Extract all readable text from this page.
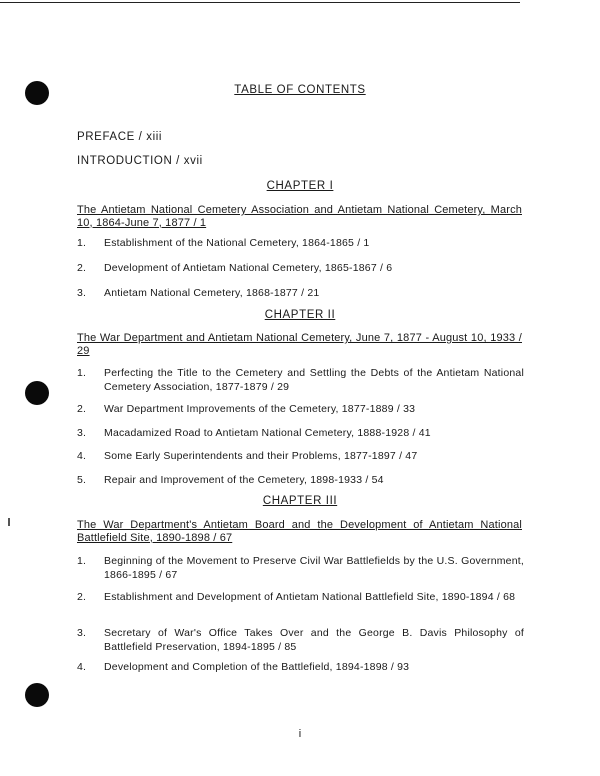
TABLE OF CONTENTS
PREFACE / xiii
INTRODUCTION / xvii
CHAPTER I
The Antietam National Cemetery Association and Antietam National Cemetery, March 10, 1864-June 7, 1877 / 1
1. Establishment of the National Cemetery, 1864-1865 / 1
2. Development of Antietam National Cemetery, 1865-1867 / 6
3. Antietam National Cemetery, 1868-1877 / 21
CHAPTER II
The War Department and Antietam National Cemetery, June 7, 1877 - August 10, 1933 / 29
1. Perfecting the Title to the Cemetery and Settling the Debts of the Antietam National Cemetery Association, 1877-1879 / 29
2. War Department Improvements of the Cemetery, 1877-1889 / 33
3. Macadamized Road to Antietam National Cemetery, 1888-1928 / 41
4. Some Early Superintendents and their Problems, 1877-1897 / 47
5. Repair and Improvement of the Cemetery, 1898-1933 / 54
CHAPTER III
The War Department's Antietam Board and the Development of Antietam National Battlefield Site, 1890-1898 / 67
1. Beginning of the Movement to Preserve Civil War Battlefields by the U.S. Government, 1866-1895 / 67
2. Establishment and Development of Antietam National Battlefield Site, 1890-1894 / 68
3. Secretary of War's Office Takes Over and the George B. Davis Philosophy of Battlefield Preservation, 1894-1895 / 85
4. Development and Completion of the Battlefield, 1894-1898 / 93
i
